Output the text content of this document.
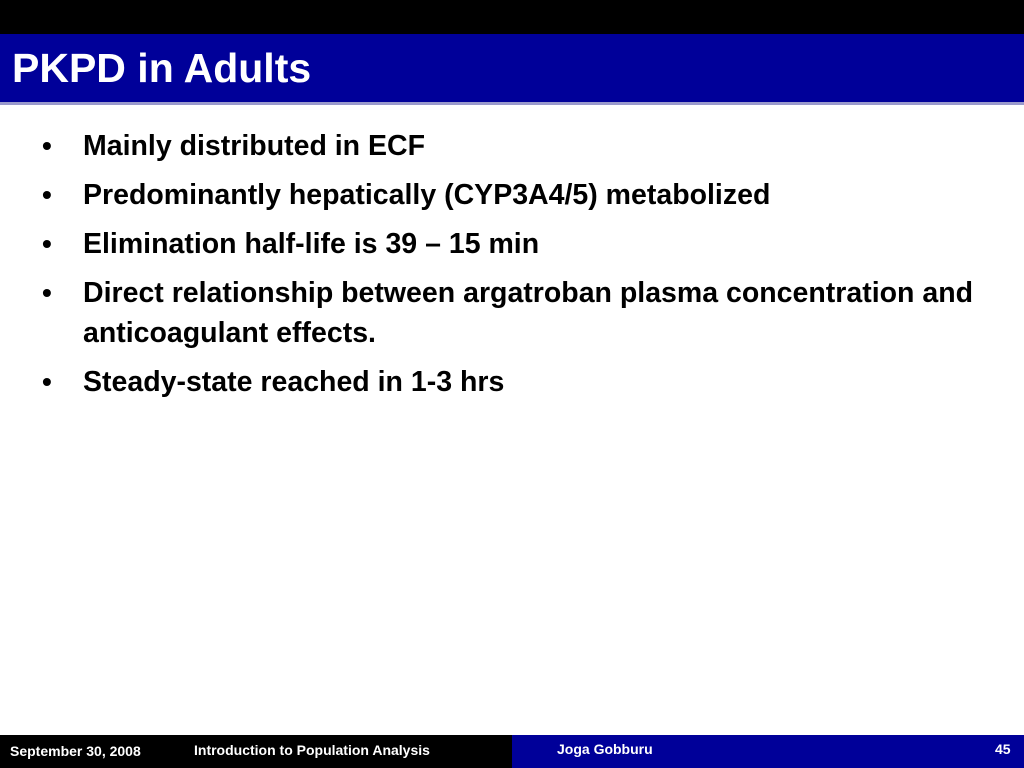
PKPD in Adults
• Mainly distributed in ECF
• Predominantly hepatically (CYP3A4/5) metabolized
• Elimination half-life is 39 – 15 min
• Direct relationship between argatroban plasma concentration and anticoagulant effects.
• Steady-state reached in 1-3 hrs
September 30, 2008	Introduction to Population Analysis	Joga Gobburu	45
